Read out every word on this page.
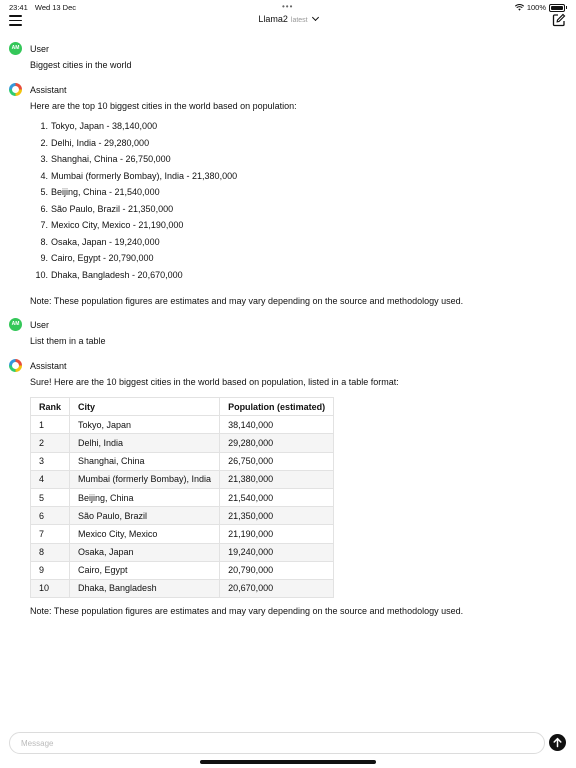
23:41 Wed 13 Dec	•••	100%
Llama2 latest
AM User
Biggest cities in the world
Assistant
Here are the top 10 biggest cities in the world based on population:
1. Tokyo, Japan - 38,140,000
2. Delhi, India - 29,280,000
3. Shanghai, China - 26,750,000
4. Mumbai (formerly Bombay), India - 21,380,000
5. Beijing, China - 21,540,000
6. São Paulo, Brazil - 21,350,000
7. Mexico City, Mexico - 21,190,000
8. Osaka, Japan - 19,240,000
9. Cairo, Egypt - 20,790,000
10. Dhaka, Bangladesh - 20,670,000
Note: These population figures are estimates and may vary depending on the source and methodology used.
AM User
List them in a table
Assistant
Sure! Here are the 10 biggest cities in the world based on population, listed in a table format:
Rank	City	Population (estimated)
1	Tokyo, Japan	38,140,000
2	Delhi, India	29,280,000
3	Shanghai, China	26,750,000
4	Mumbai (formerly Bombay), India	21,380,000
5	Beijing, China	21,540,000
6	São Paulo, Brazil	21,350,000
7	Mexico City, Mexico	21,190,000
8	Osaka, Japan	19,240,000
9	Cairo, Egypt	20,790,000
10	Dhaka, Bangladesh	20,670,000
Note: These population figures are estimates and may vary depending on the source and methodology used.
Message
